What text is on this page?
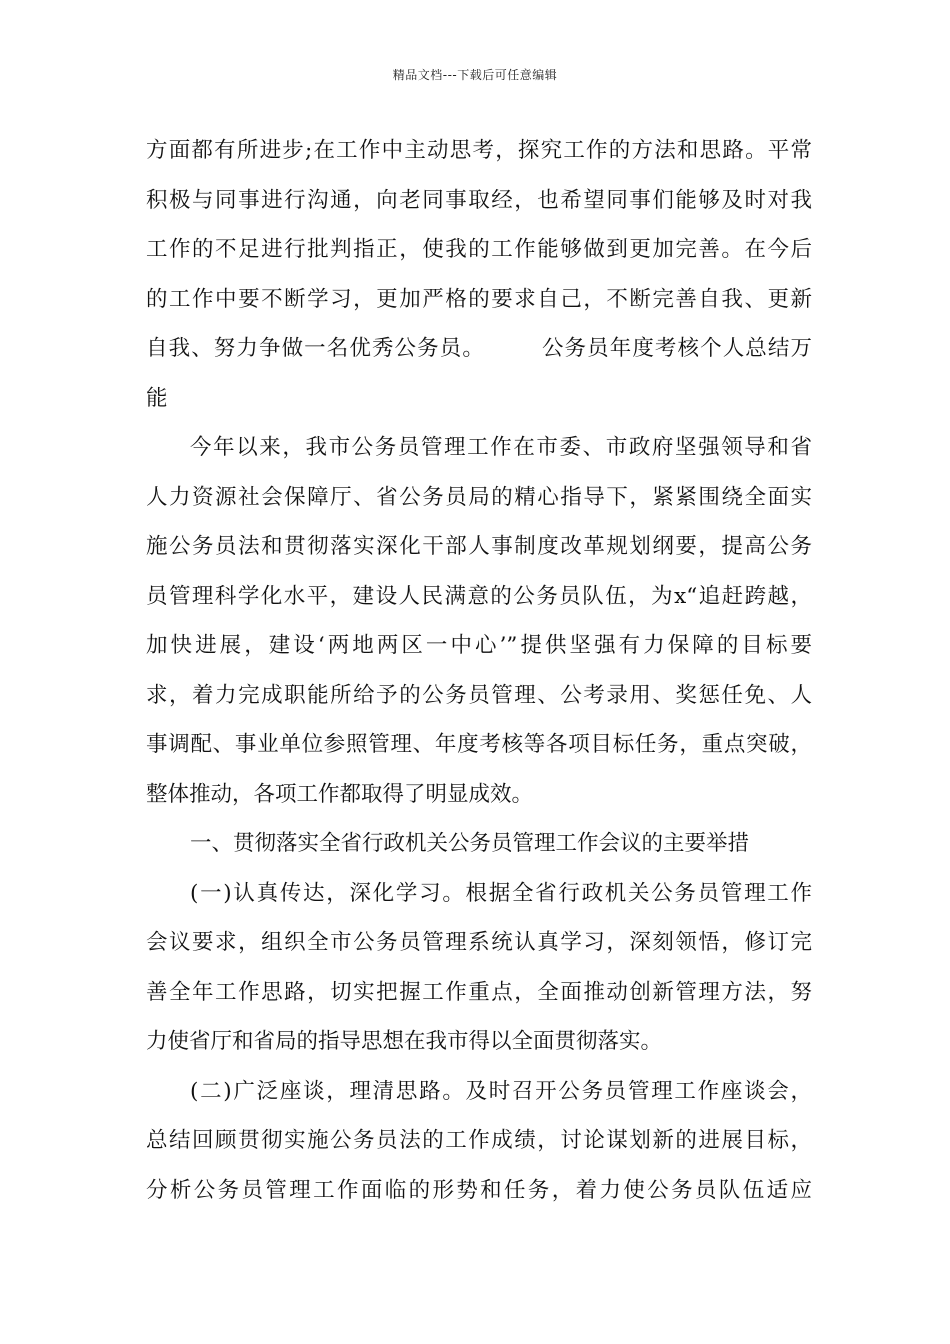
精品文档---下载后可任意编辑
方面都有所进步;在工作中主动思考，探究工作的方法和思路。平常
积极与同事进行沟通，向老同事取经，也希望同事们能够及时对我
工作的不足进行批判指正，使我的工作能够做到更加完善。在今后
的工作中要不断学习，更加严格的要求自己，不断完善自我、更新
自我、努力争做一名优秀公务员。　　　公务员年度考核个人总结万
能
今年以来，我市公务员管理工作在市委、市政府坚强领导和省
人力资源社会保障厅、省公务员局的精心指导下，紧紧围绕全面实
施公务员法和贯彻落实深化干部人事制度改革规划纲要，提高公务
员管理科学化水平，建设人民满意的公务员队伍，为x“追赶跨越，
加快进展，建设‘两地两区一中心’”提供坚强有力保障的目标要
求，着力完成职能所给予的公务员管理、公考录用、奖惩任免、人
事调配、事业单位参照管理、年度考核等各项目标任务，重点突破，
整体推动，各项工作都取得了明显成效。
一、贯彻落实全省行政机关公务员管理工作会议的主要举措
(一)认真传达，深化学习。根据全省行政机关公务员管理工作
会议要求，组织全市公务员管理系统认真学习，深刻领悟，修订完
善全年工作思路，切实把握工作重点，全面推动创新管理方法，努
力使省厅和省局的指导思想在我市得以全面贯彻落实。
(二)广泛座谈，理清思路。及时召开公务员管理工作座谈会，
总结回顾贯彻实施公务员法的工作成绩，讨论谋划新的进展目标，
分析公务员管理工作面临的形势和任务，着力使公务员队伍适应
